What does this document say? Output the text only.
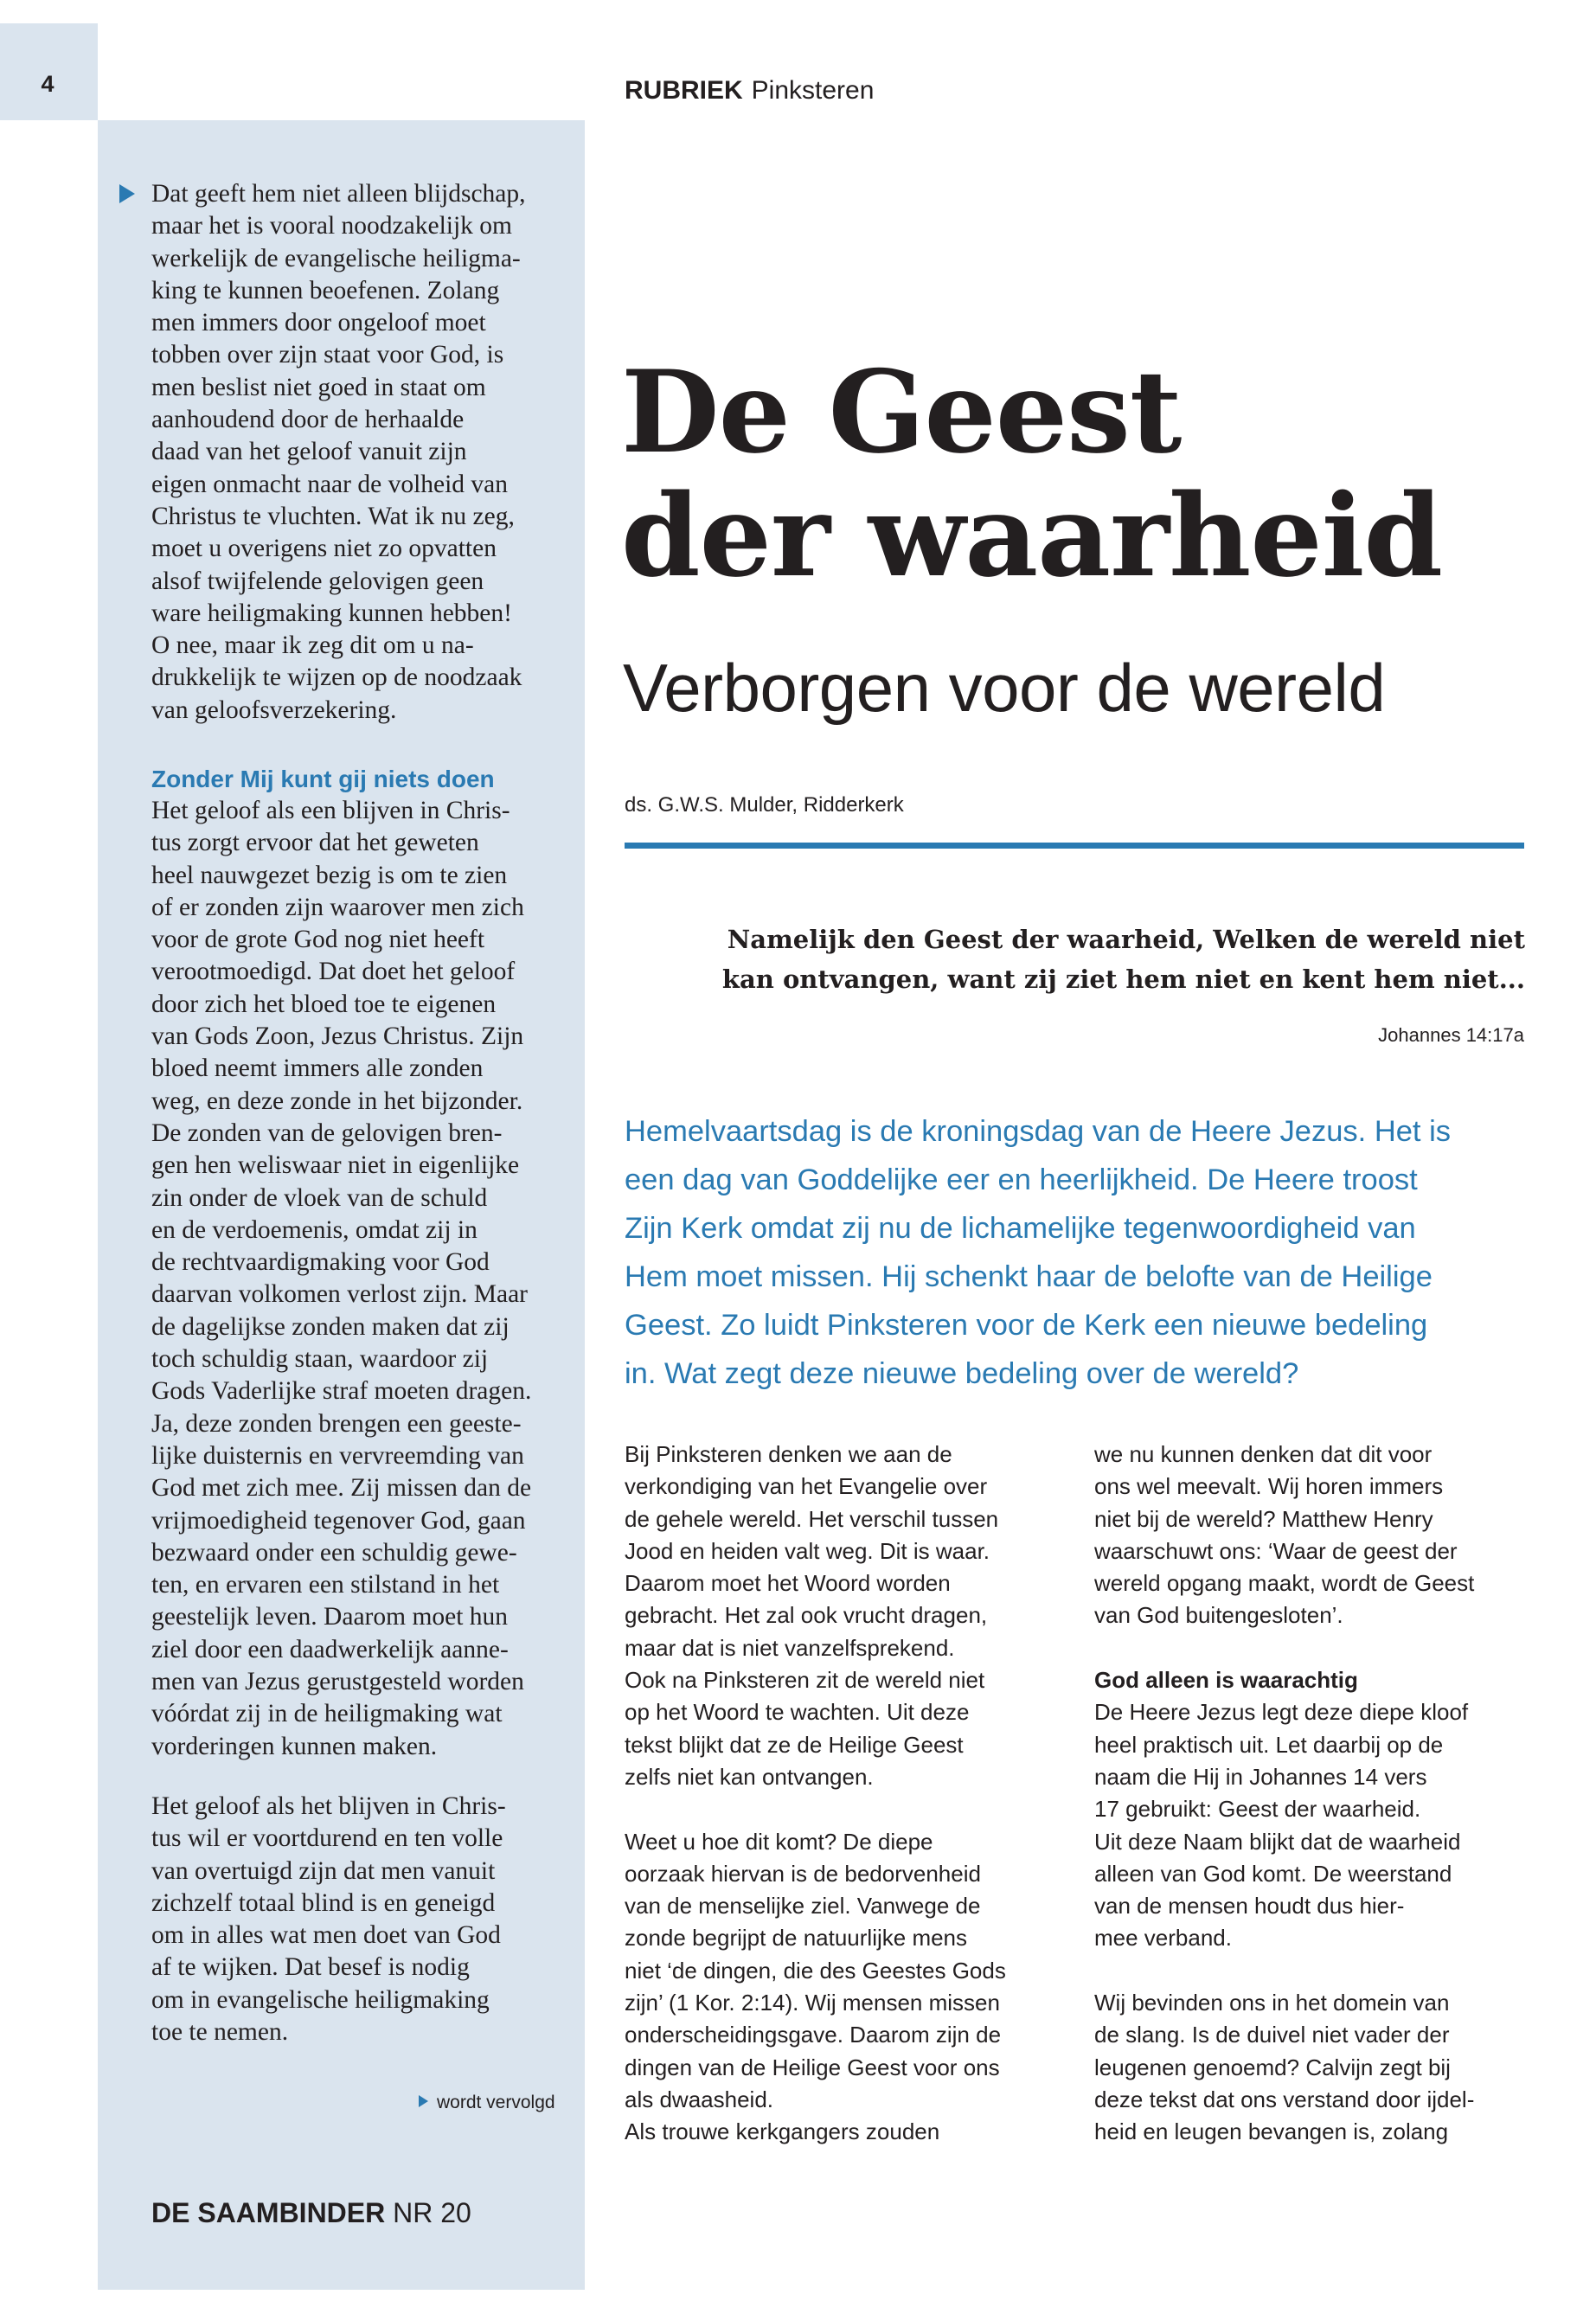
4	RUBRIEK Pinksteren
Dat geeft hem niet alleen blijdschap,
maar het is vooral noodzakelijk om
werkelijk de evangelische heiligma-
king te kunnen beoefenen. Zolang
men immers door ongeloof moet
tobben over zijn staat voor God, is
men beslist niet goed in staat om
aanhoudend door de herhaalde
daad van het geloof vanuit zijn
eigen onmacht naar de volheid van
Christus te vluchten. Wat ik nu zeg,
moet u overigens niet zo opvatten
alsof twijfelende gelovigen geen
ware heiligmaking kunnen hebben!
O nee, maar ik zeg dit om u na-
drukkelijk te wijzen op de noodzaak
van geloofsverzekering.
Zonder Mij kunt gij niets doen
Het geloof als een blijven in Chris-
tus zorgt ervoor dat het geweten
heel nauwgezet bezig is om te zien
of er zonden zijn waarover men zich
voor de grote God nog niet heeft
verootmoedigd. Dat doet het geloof
door zich het bloed toe te eigenen
van Gods Zoon, Jezus Christus. Zijn
bloed neemt immers alle zonden
weg, en deze zonde in het bijzonder.
De zonden van de gelovigen bren-
gen hen weliswaar niet in eigenlijke
zin onder de vloek van de schuld
en de verdoemenis, omdat zij in
de rechtvaardigmaking voor God
daarvan volkomen verlost zijn. Maar
de dagelijkse zonden maken dat zij
toch schuldig staan, waardoor zij
Gods Vaderlijke straf moeten dragen.
Ja, deze zonden brengen een geeste-
lijke duisternis en vervreemding van
God met zich mee. Zij missen dan de
vrijmoedigheid tegenover God, gaan
bezwaard onder een schuldig gewe-
ten, en ervaren een stilstand in het
geestelijk leven. Daarom moet hun
ziel door een daadwerkelijk aanne-
men van Jezus gerustgesteld worden
vóórdat zij in de heiligmaking wat
vorderingen kunnen maken.
Het geloof als het blijven in Chris-
tus wil er voortdurend en ten volle
van overtuigd zijn dat men vanuit
zichzelf totaal blind is en geneigd
om in alles wat men doet van God
af te wijken. Dat besef is nodig
om in evangelische heiligmaking
toe te nemen.
wordt vervolgd
DE SAAMBINDER NR 20
De Geest
der waarheid
Verborgen voor de wereld
ds. G.W.S. Mulder, Ridderkerk
Namelijk den Geest der waarheid, Welken de wereld niet
kan ontvangen, want zij ziet hem niet en kent hem niet...
Johannes 14:17a
Hemelvaartsdag is de kroningsdag van de Heere Jezus. Het is
een dag van Goddelijke eer en heerlijkheid. De Heere troost
Zijn Kerk omdat zij nu de lichamelijke tegenwoordigheid van
Hem moet missen. Hij schenkt haar de belofte van de Heilige
Geest. Zo luidt Pinksteren voor de Kerk een nieuwe bedeling
in. Wat zegt deze nieuwe bedeling over de wereld?
Bij Pinksteren denken we aan de
verkondiging van het Evangelie over
de gehele wereld. Het verschil tussen
Jood en heiden valt weg. Dit is waar.
Daarom moet het Woord worden
gebracht. Het zal ook vrucht dragen,
maar dat is niet vanzelfsprekend.
Ook na Pinksteren zit de wereld niet
op het Woord te wachten. Uit deze
tekst blijkt dat ze de Heilige Geest
zelfs niet kan ontvangen.
Weet u hoe dit komt? De diepe
oorzaak hiervan is de bedorvenheid
van de menselijke ziel. Vanwege de
zonde begrijpt de natuurlijke mens
niet ‘de dingen, die des Geestes Gods
zijn’ (1 Kor. 2:14). Wij mensen missen
onderscheidingsgave. Daarom zijn de
dingen van de Heilige Geest voor ons
als dwaasheid.
Als trouwe kerkgangers zouden
we nu kunnen denken dat dit voor
ons wel meevalt. Wij horen immers
niet bij de wereld? Matthew Henry
waarschuwt ons: ‘Waar de geest der
wereld opgang maakt, wordt de Geest
van God buitengesloten’.
God alleen is waarachtig
De Heere Jezus legt deze diepe kloof
heel praktisch uit. Let daarbij op de
naam die Hij in Johannes 14 vers
17 gebruikt: Geest der waarheid.
Uit deze Naam blijkt dat de waarheid
alleen van God komt. De weerstand
van de mensen houdt dus hier-
mee verband.
Wij bevinden ons in het domein van
de slang. Is de duivel niet vader der
leugenen genoemd? Calvijn zegt bij
deze tekst dat ons verstand door ijdel-
heid en leugen bevangen is, zolang
